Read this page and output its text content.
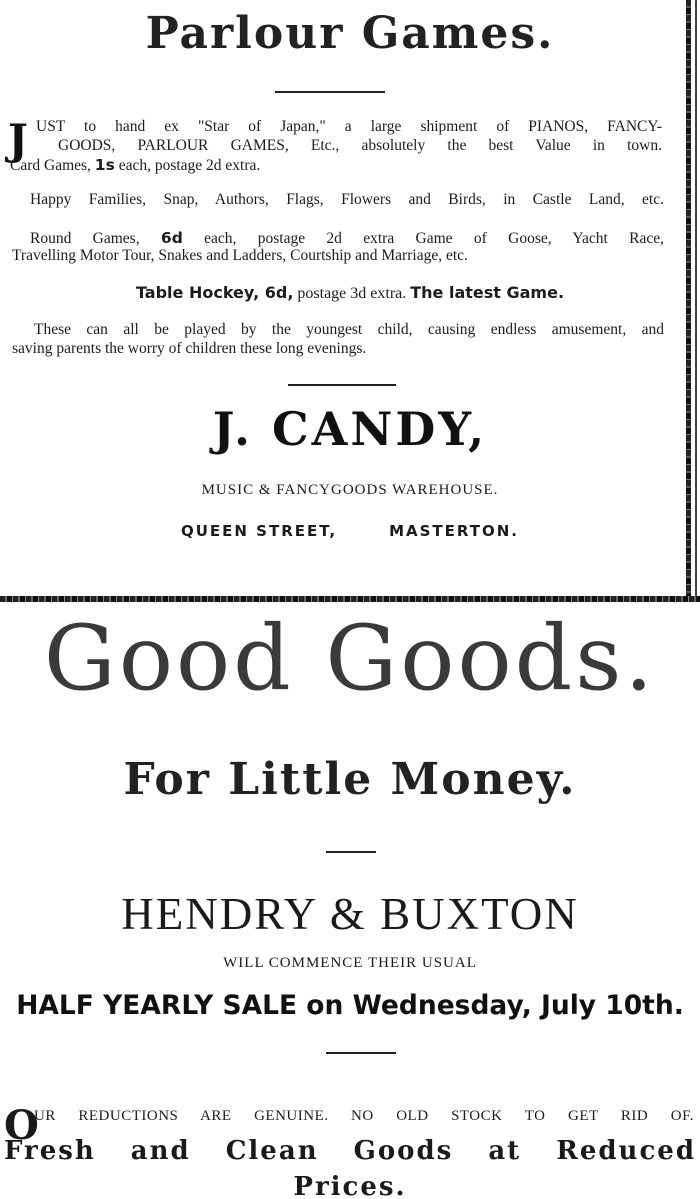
Parlour Games.
J UST to hand ex "Star of Japan," a large shipment of PIANOS, FANCY-
GOODS, PARLOUR GAMES, Etc., absolutely the best Value in town.
Card Games, 1s each, postage 2d extra.
Happy Families, Snap, Authors, Flags, Flowers and Birds, in Castle Land, etc.
Round Games, 6d each, postage 2d extra Game of Goose, Yacht Race,
Travelling Motor Tour, Snakes and Ladders, Courtship and Marriage, etc.
Table Hockey, 6d, postage 3d extra. The latest Game.
These can all be played by the youngest child, causing endless amusement, and
saving parents the worry of children these long evenings.
J. CANDY,
MUSIC & FANCYGOODS WAREHOUSE.
QUEEN STREET,	MASTERTON.
Good Goods.
For Little Money.
HENDRY & BUXTON
WILL COMMENCE THEIR USUAL
HALF YEARLY SALE on Wednesday, July 10th.
O
UR REDUCTIONS ARE GENUINE. NO OLD STOCK TO GET RID OF.
Fresh and Clean Goods at Reduced
Prices.
